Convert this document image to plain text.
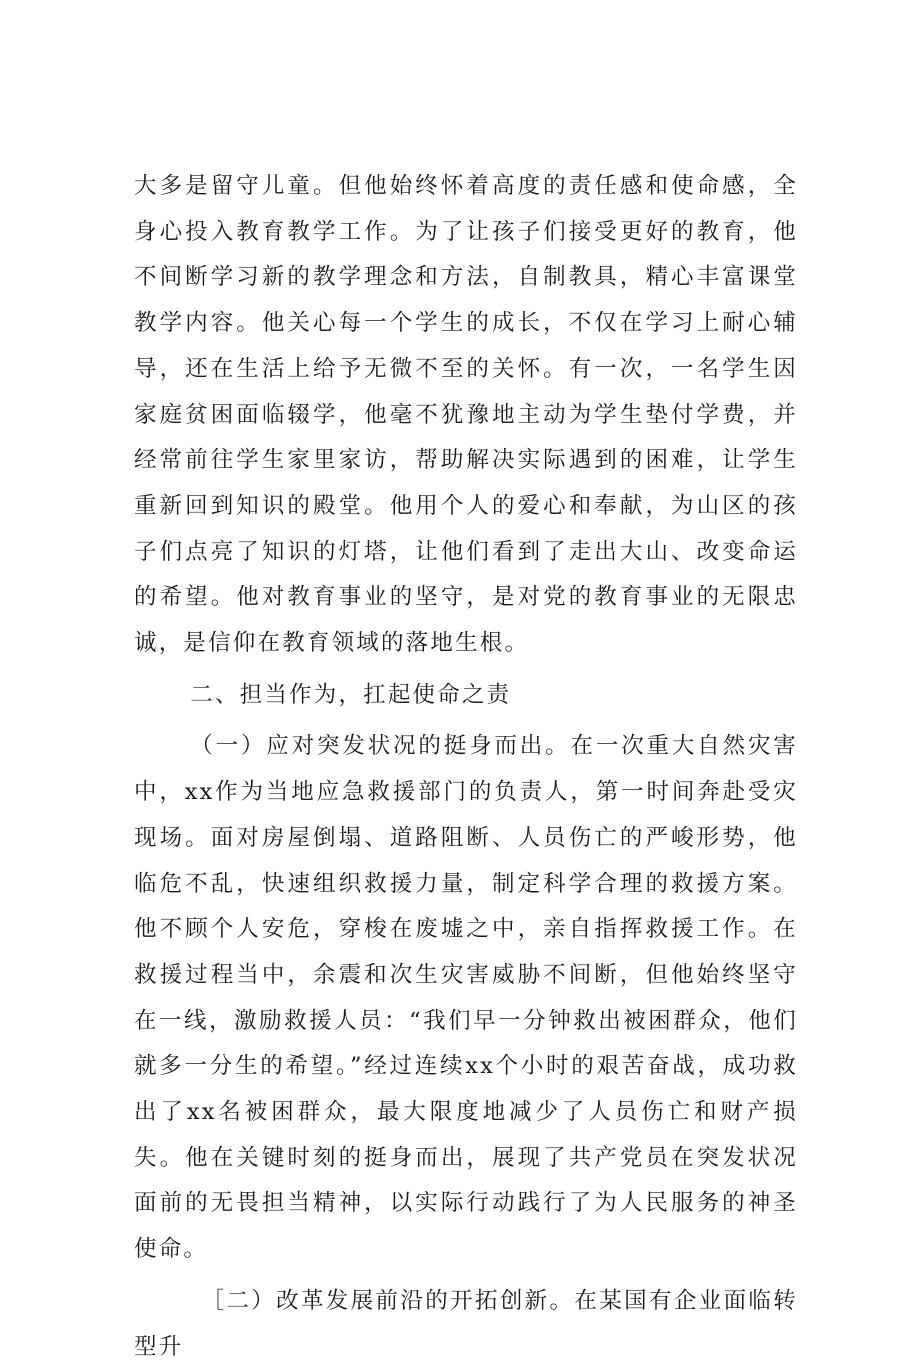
大多是留守儿童。但他始终怀着高度的责任感和使命感，全身心投入教育教学工作。为了让孩子们接受更好的教育，他不间断学习新的教学理念和方法，自制教具，精心丰富课堂教学内容。他关心每一个学生的成长，不仅在学习上耐心辅导，还在生活上给予无微不至的关怀。有一次，一名学生因家庭贫困面临辍学，他毫不犹豫地主动为学生垫付学费，并经常前往学生家里家访，帮助解决实际遇到的困难，让学生重新回到知识的殿堂。他用个人的爱心和奉献，为山区的孩子们点亮了知识的灯塔，让他们看到了走出大山、改变命运的希望。他对教育事业的坚守，是对党的教育事业的无限忠诚，是信仰在教育领域的落地生根。

二、担当作为，扛起使命之责

（一）应对突发状况的挺身而出。在一次重大自然灾害中，xx作为当地应急救援部门的负责人，第一时间奔赴受灾现场。面对房屋倒塌、道路阻断、人员伤亡的严峻形势，他临危不乱，快速组织救援力量，制定科学合理的救援方案。他不顾个人安危，穿梭在废墟之中，亲自指挥救援工作。在救援过程当中，余震和次生灾害威胁不间断，但他始终坚守在一线，激励救援人员：“我们早一分钟救出被困群众，他们就多一分生的希望。”经过连续xx个小时的艰苦奋战，成功救出了xx名被困群众，最大限度地减少了人员伤亡和财产损失。他在关键时刻的挺身而出，展现了共产党员在突发状况面前的无畏担当精神，以实际行动践行了为人民服务的神圣使命。

［二）改革发展前沿的开拓创新。在某国有企业面临转型升
